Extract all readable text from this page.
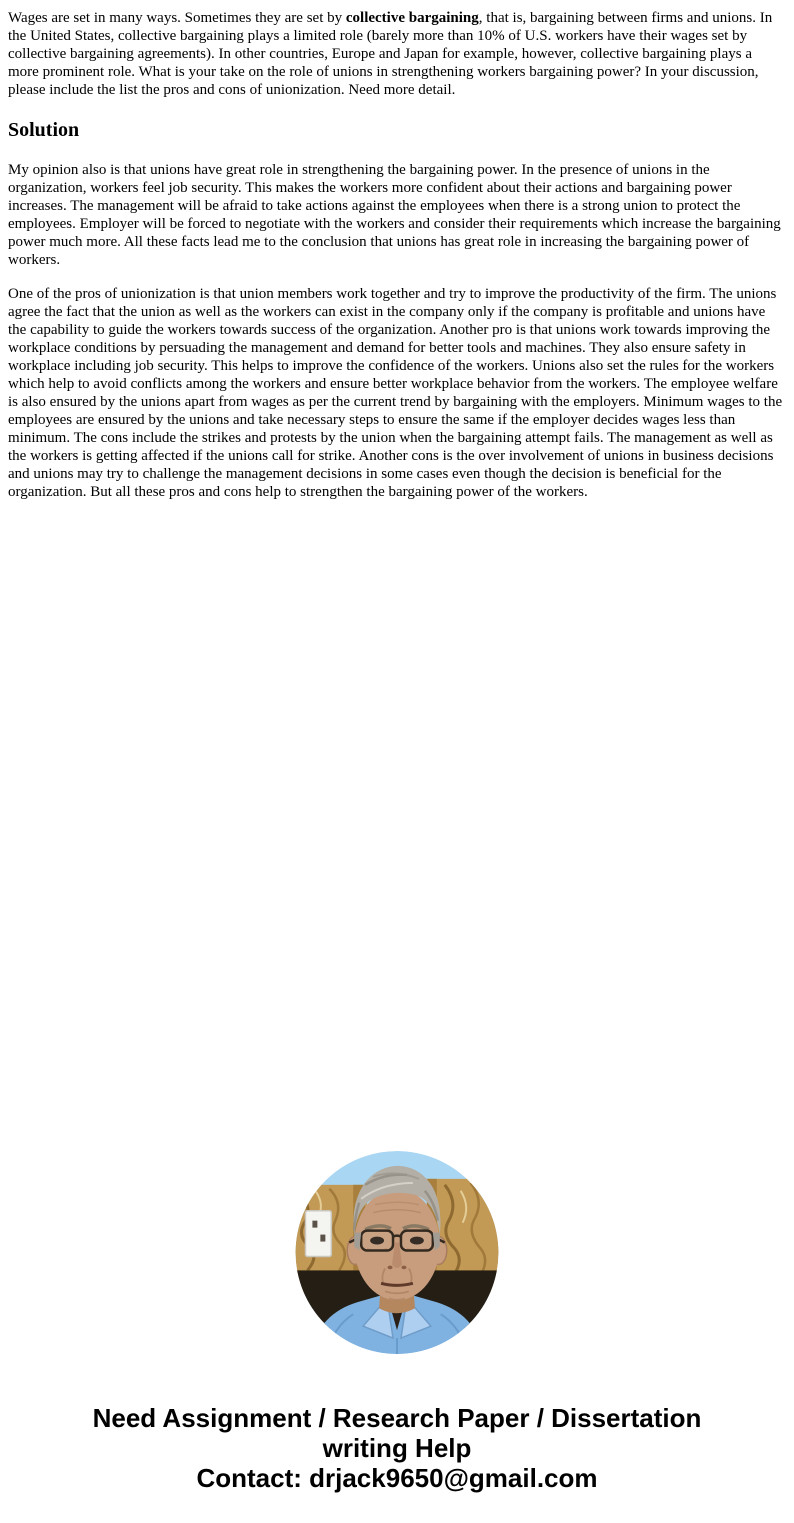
Wages are set in many ways. Sometimes they are set by collective bargaining, that is, bargaining between firms and unions. In the United States, collective bargaining plays a limited role (barely more than 10% of U.S. workers have their wages set by collective bargaining agreements). In other countries, Europe and Japan for example, however, collective bargaining plays a more prominent role. What is your take on the role of unions in strengthening workers bargaining power? In your discussion, please include the list the pros and cons of unionization. Need more detail.

Solution

My opinion also is that unions have great role in strengthening the bargaining power. In the presence of unions in the organization, workers feel job security. This makes the workers more confident about their actions and bargaining power increases. The management will be afraid to take actions against the employees when there is a strong union to protect the employees. Employer will be forced to negotiate with the workers and consider their requirements which increase the bargaining power much more. All these facts lead me to the conclusion that unions has great role in increasing the bargaining power of workers.

One of the pros of unionization is that union members work together and try to improve the productivity of the firm. The unions agree the fact that the union as well as the workers can exist in the company only if the company is profitable and unions have the capability to guide the workers towards success of the organization. Another pro is that unions work towards improving the workplace conditions by persuading the management and demand for better tools and machines. They also ensure safety in workplace including job security. This helps to improve the confidence of the workers. Unions also set the rules for the workers which help to avoid conflicts among the workers and ensure better workplace behavior from the workers. The employee welfare is also ensured by the unions apart from wages as per the current trend by bargaining with the employers. Minimum wages to the employees are ensured by the unions and take necessary steps to ensure the same if the employer decides wages less than minimum. The cons include the strikes and protests by the union when the bargaining attempt fails. The management as well as the workers is getting affected if the unions call for strike. Another cons is the over involvement of unions in business decisions and unions may try to challenge the management decisions in some cases even though the decision is beneficial for the organization. But all these pros and cons help to strengthen the bargaining power of the workers.

Need Assignment / Research Paper / Dissertation
writing Help
Contact: drjack9650@gmail.com
